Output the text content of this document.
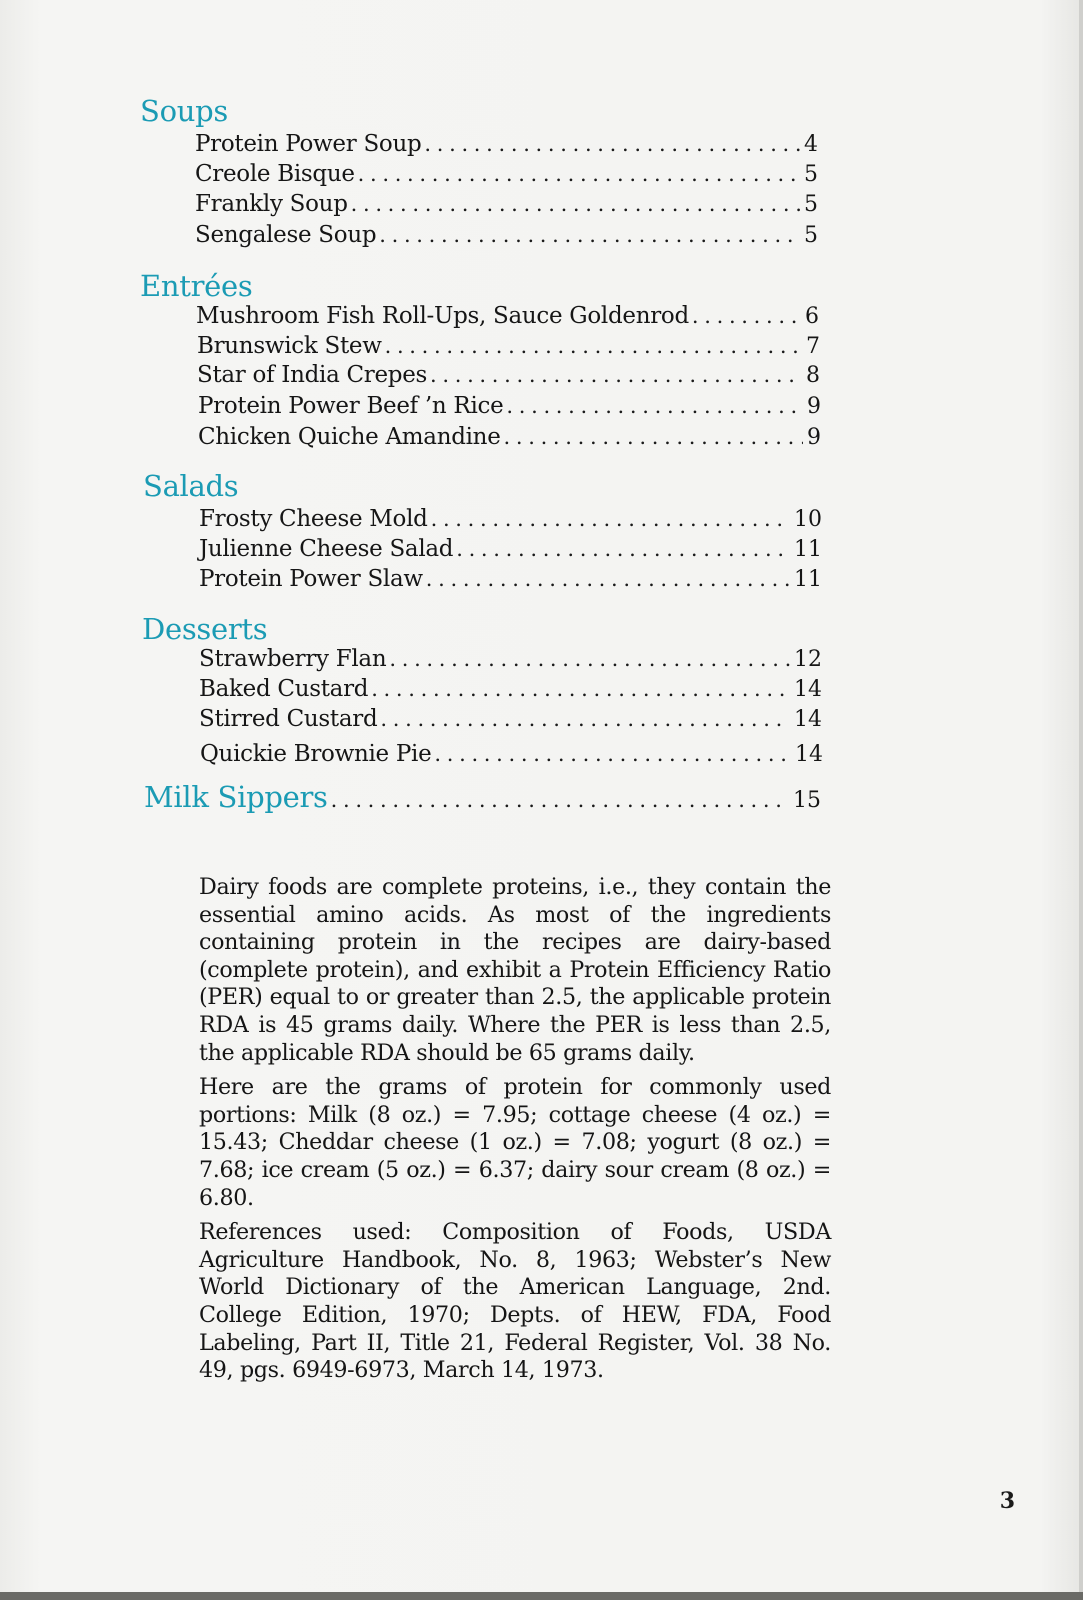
Soups
Protein Power Soup . . .	4
Creole Bisque . . .	5
Frankly Soup . . .	5
Sengalese Soup . . .	5
Entrées
Mushroom Fish Roll-Ups, Sauce Goldenrod . . .	6
Brunswick Stew . . .	7
Star of India Crepes . . .	8
Protein Power Beef ’n Rice . . .	9
Chicken Quiche Amandine . . .	9
Salads
Frosty Cheese Mold . . .	10
Julienne Cheese Salad . . .	11
Protein Power Slaw . . .	11
Desserts
Strawberry Flan . . .	12
Baked Custard . . .	14
Stirred Custard . . .	14
Quickie Brownie Pie . . .	14
Milk Sippers . . .	15

Dairy foods are complete proteins, i.e., they contain the essential amino acids. As most of the ingredients containing protein in the recipes are dairy-based (complete protein), and exhibit a Protein Efficiency Ratio (PER) equal to or greater than 2.5, the applicable protein RDA is 45 grams daily. Where the PER is less than 2.5, the applicable RDA should be 65 grams daily.

Here are the grams of protein for commonly used portions: Milk (8 oz.) = 7.95; cottage cheese (4 oz.) = 15.43; Cheddar cheese (1 oz.) = 7.08; yogurt (8 oz.) = 7.68; ice cream (5 oz.) = 6.37; dairy sour cream (8 oz.) = 6.80.

References used: Composition of Foods, USDA Agriculture Handbook, No. 8, 1963; Webster’s New World Dictionary of the American Language, 2nd. College Edition, 1970; Depts. of HEW, FDA, Food Labeling, Part II, Title 21, Federal Register, Vol. 38 No. 49, pgs. 6949-6973, March 14, 1973.

3
